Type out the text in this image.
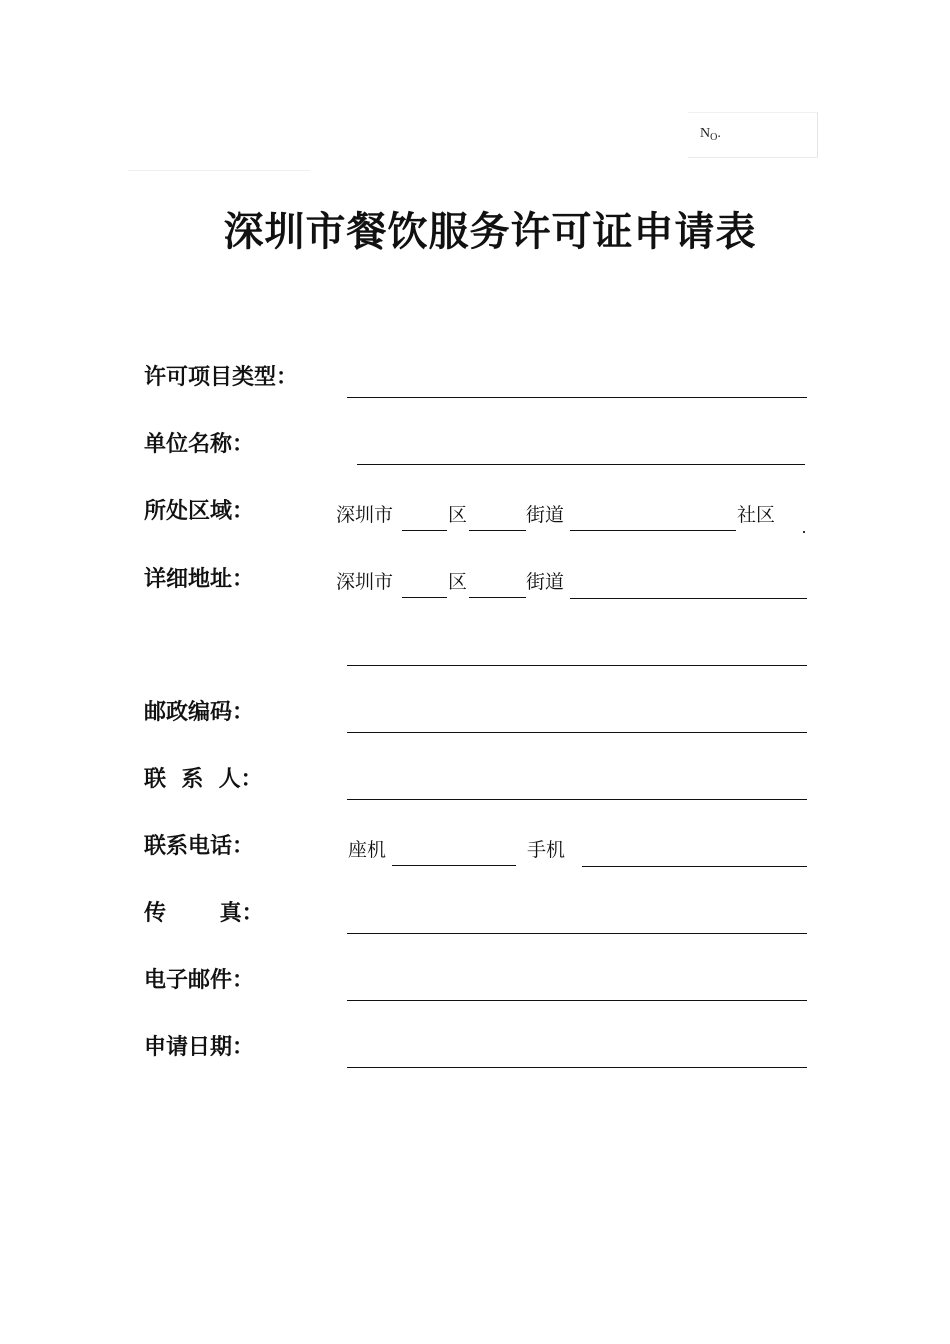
$N_O$.
深圳市餐饮服务许可证申请表
许可项目类型：
单位名称：
所处区域：	深圳市	区	街道	社区
详细地址：	深圳市	区	街道
邮政编码：
联  系  人：
联系电话：	座机	手机
传       真：
电子邮件：
申请日期：
